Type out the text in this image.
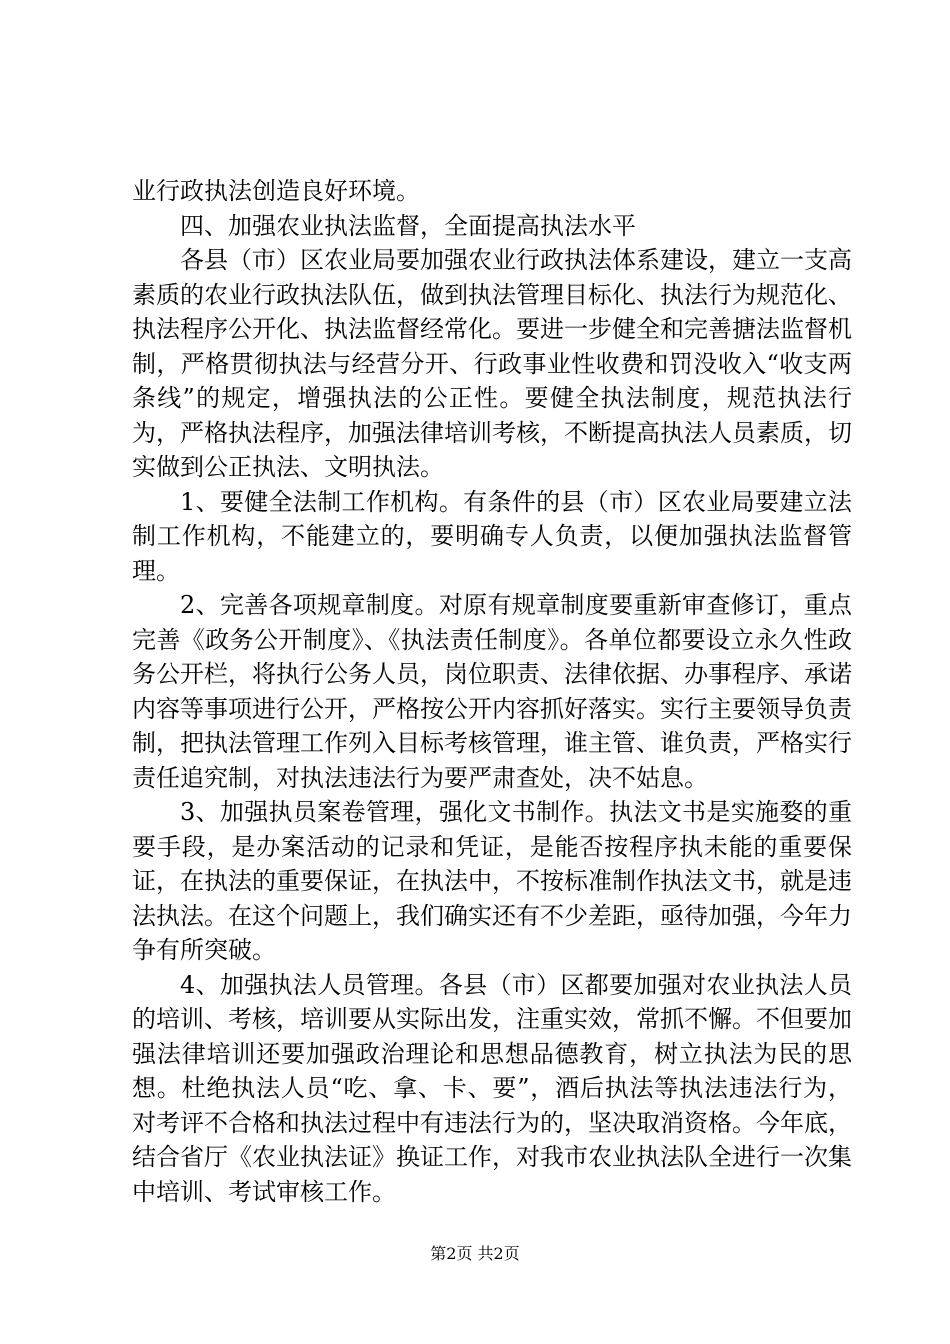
业行政执法创造良好环境。

四、加强农业执法监督，全面提高执法水平

各县（市）区农业局要加强农业行政执法体系建设，建立一支高素质的农业行政执法队伍，做到执法管理目标化、执法行为规范化、执法程序公开化、执法监督经常化。要进一步健全和完善搪法监督机制，严格贯彻执法与经营分开、行政事业性收费和罚没收入“收支两条线”的规定，增强执法的公正性。要健全执法制度，规范执法行为，严格执法程序，加强法律培训考核，不断提高执法人员素质，切实做到公正执法、文明执法。

1、要健全法制工作机构。有条件的县（市）区农业局要建立法制工作机构，不能建立的，要明确专人负责，以便加强执法监督管理。

2、完善各项规章制度。对原有规章制度要重新审查修订，重点完善《政务公开制度》、《执法责任制度》。各单位都要设立永久性政务公开栏，将执行公务人员，岗位职责、法律依据、办事程序、承诺内容等事项进行公开，严格按公开内容抓好落实。实行主要领导负责制，把执法管理工作列入目标考核管理，谁主管、谁负责，严格实行责任追究制，对执法违法行为要严肃查处，决不姑息。

3、加强执员案卷管理，强化文书制作。执法文书是实施婺的重要手段，是办案活动的记录和凭证，是能否按程序执未能的重要保证，在执法的重要保证，在执法中，不按标准制作执法文书，就是违法执法。在这个问题上，我们确实还有不少差距，亟待加强，今年力争有所突破。

4、加强执法人员管理。各县（市）区都要加强对农业执法人员的培训、考核，培训要从实际出发，注重实效，常抓不懈。不但要加强法律培训还要加强政治理论和思想品德教育，树立执法为民的思想。杜绝执法人员“吃、拿、卡、要”，酒后执法等执法违法行为，对考评不合格和执法过程中有违法行为的，坚决取消资格。今年底，结合省厅《农业执法证》换证工作，对我市农业执法队全进行一次集中培训、考试审核工作。

第2页 共2页
